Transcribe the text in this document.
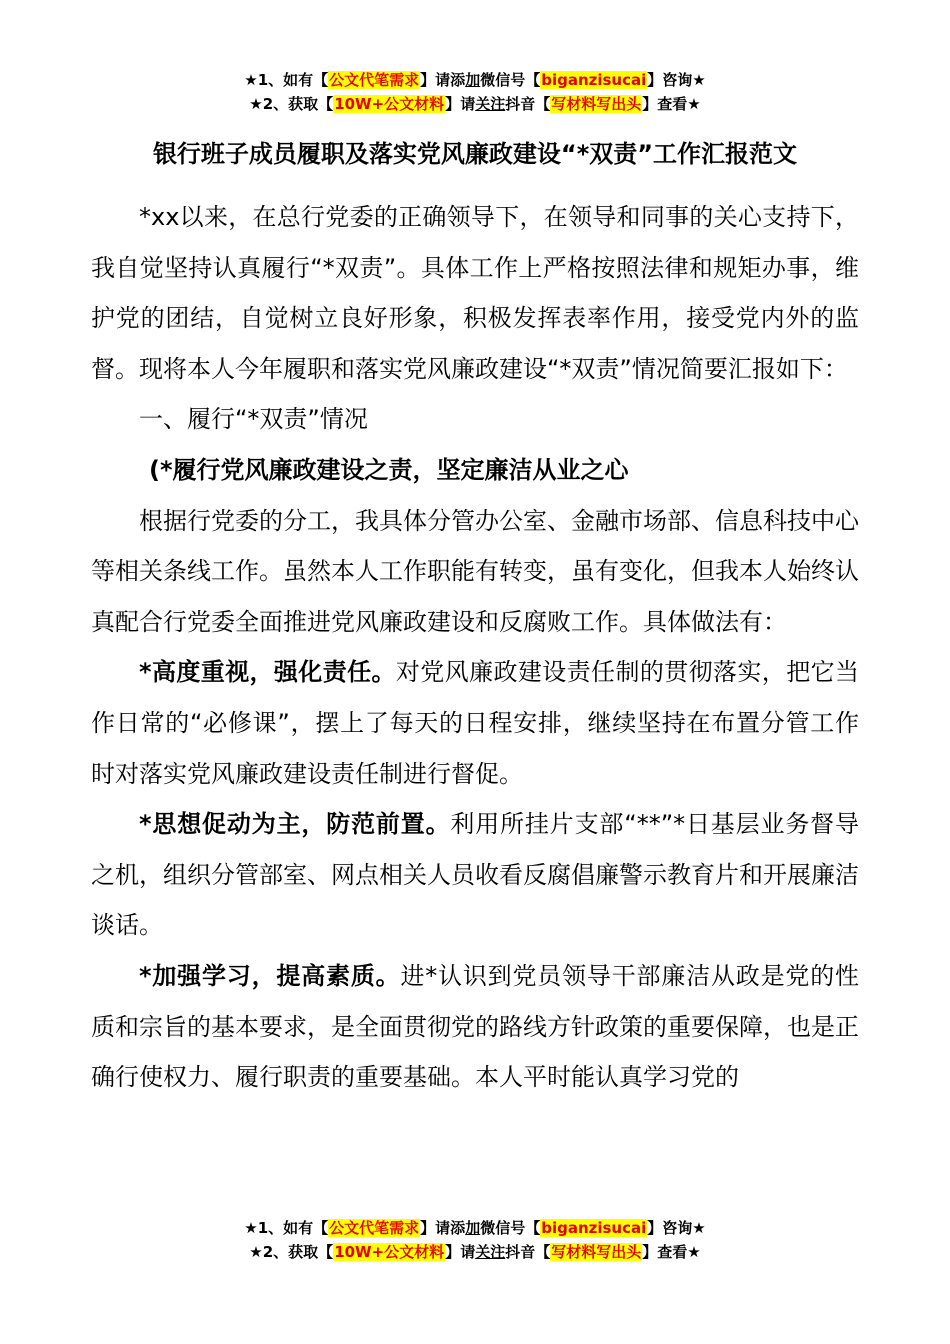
★1、如有【公文代笔需求】请添加微信号【biganzisucai】咨询★
★2、获取【10W+公文材料】请关注抖音【写材料写出头】查看★
银行班子成员履职及落实党风廉政建设“*双责”工作汇报范文

*xx以来，在总行党委的正确领导下，在领导和同事的关心支持下，我自觉坚持认真履行“*双责”。具体工作上严格按照法律和规矩办事，维护党的团结，自觉树立良好形象，积极发挥表率作用，接受党内外的监督。现将本人今年履职和落实党风廉政建设“*双责”情况简要汇报如下：

一、履行“*双责”情况

(*履行党风廉政建设之责，坚定廉洁从业之心

根据行党委的分工，我具体分管办公室、金融市场部、信息科技中心等相关条线工作。虽然本人工作职能有转变，虽有变化，但我本人始终认真配合行党委全面推进党风廉政建设和反腐败工作。具体做法有：

*高度重视，强化责任。对党风廉政建设责任制的贯彻落实，把它当作日常的“必修课”，摆上了每天的日程安排，继续坚持在布置分管工作时对落实党风廉政建设责任制进行督促。

*思想促动为主，防范前置。利用所挂片支部“**”*日基层业务督导之机，组织分管部室、网点相关人员收看反腐倡廉警示教育片和开展廉洁谈话。

*加强学习，提高素质。进*认识到党员领导干部廉洁从政是党的性质和宗旨的基本要求，是全面贯彻党的路线方针政策的重要保障，也是正确行使权力、履行职责的重要基础。本人平时能认真学习党的

★1、如有【公文代笔需求】请添加微信号【biganzisucai】咨询★
★2、获取【10W+公文材料】请关注抖音【写材料写出头】查看★
